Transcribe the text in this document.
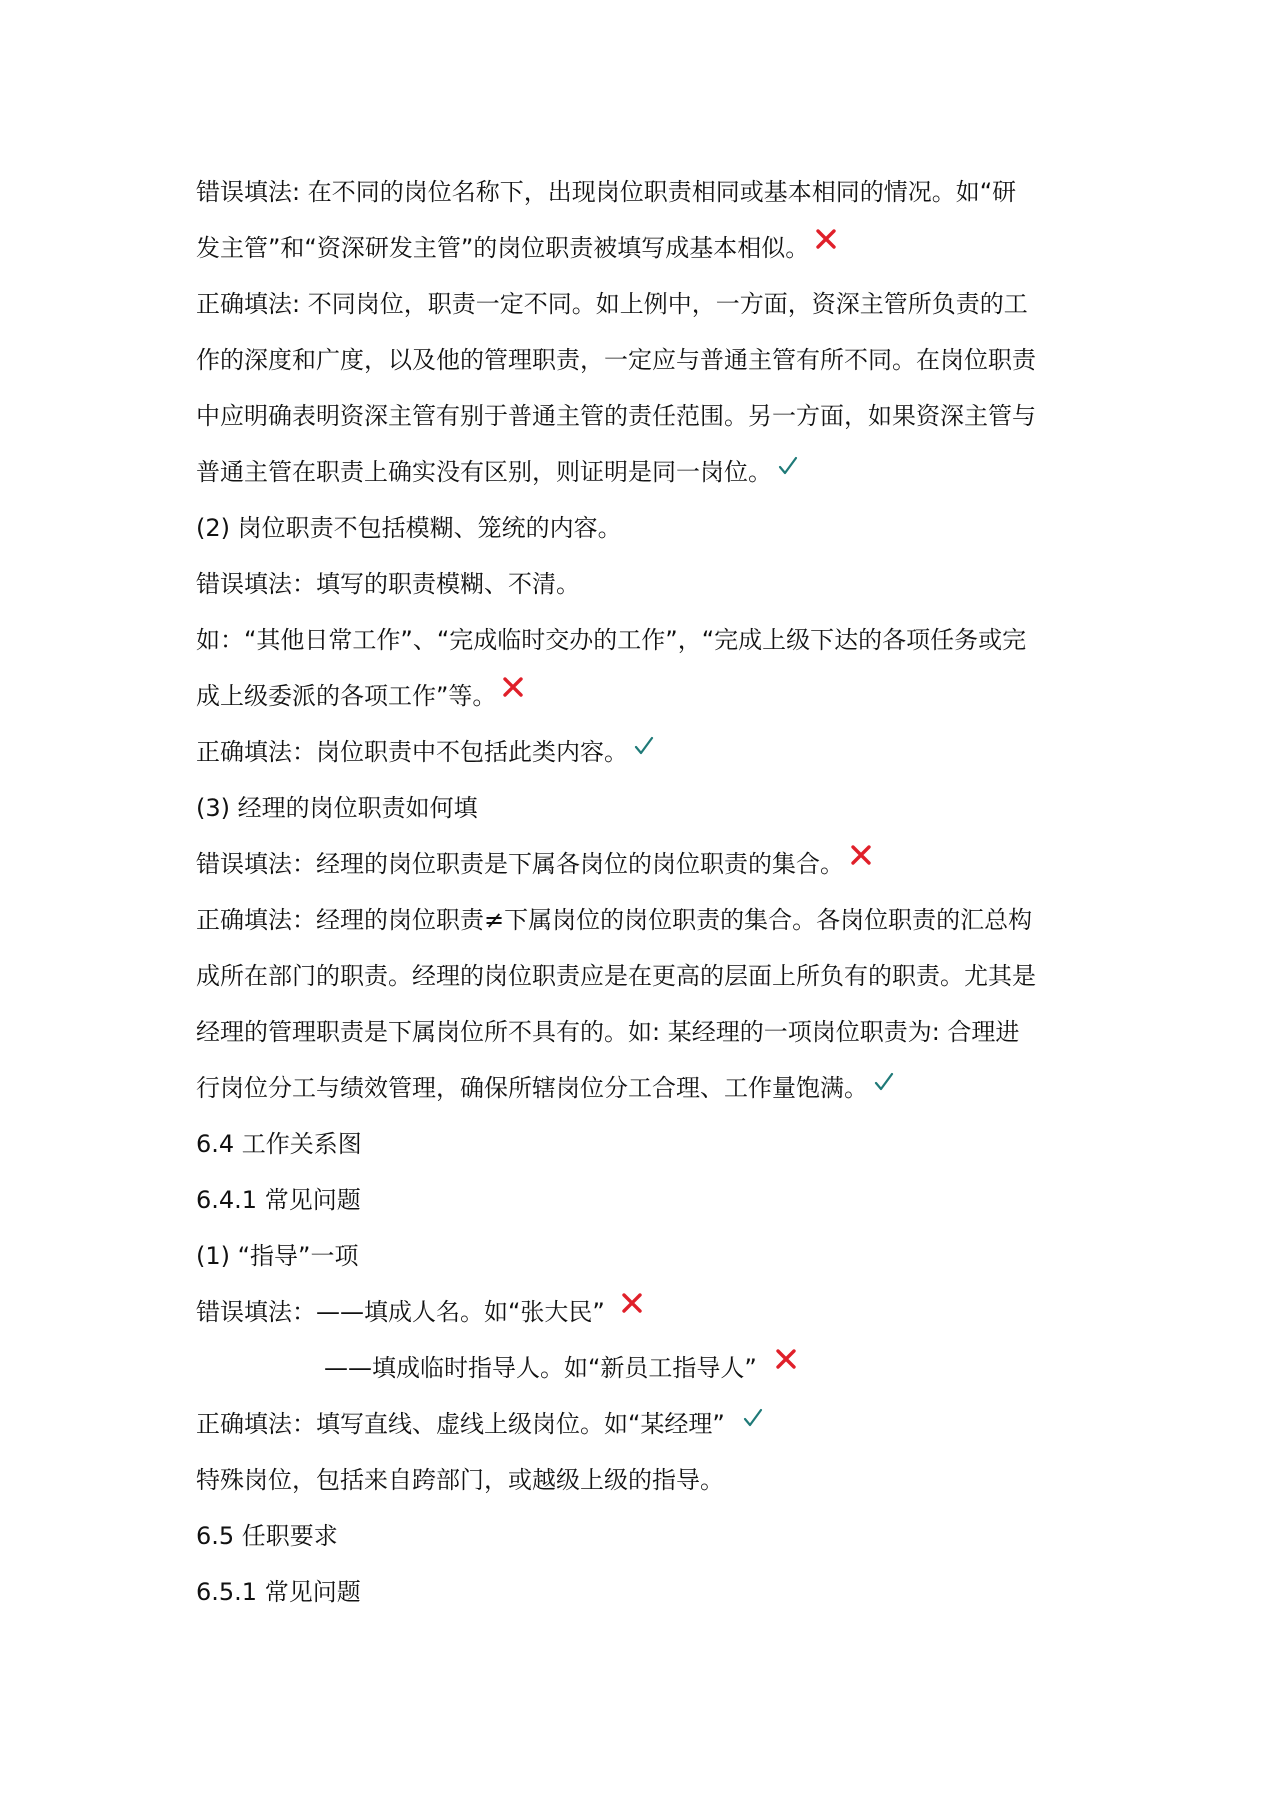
错误填法: 在不同的岗位名称下，出现岗位职责相同或基本相同的情况。如“研

发主管”和“资深研发主管”的岗位职责被填写成基本相似。

正确填法: 不同岗位，职责一定不同。如上例中，一方面，资深主管所负责的工

作的深度和广度，以及他的管理职责，一定应与普通主管有所不同。在岗位职责

中应明确表明资深主管有别于普通主管的责任范围。另一方面，如果资深主管与

普通主管在职责上确实没有区别，则证明是同一岗位。

(2) 岗位职责不包括模糊、笼统的内容。

错误填法：填写的职责模糊、不清。

如：“其他日常工作”、“完成临时交办的工作”，“完成上级下达的各项任务或完

成上级委派的各项工作”等。

正确填法：岗位职责中不包括此类内容。

(3) 经理的岗位职责如何填

错误填法：经理的岗位职责是下属各岗位的岗位职责的集合。

正确填法：经理的岗位职责≠下属岗位的岗位职责的集合。各岗位职责的汇总构

成所在部门的职责。经理的岗位职责应是在更高的层面上所负有的职责。尤其是

经理的管理职责是下属岗位所不具有的。如: 某经理的一项岗位职责为: 合理进

行岗位分工与绩效管理，确保所辖岗位分工合理、工作量饱满。

6.4 工作关系图

6.4.1 常见问题

(1) “指导”一项

错误填法：——填成人名。如“张大民”

——填成临时指导人。如“新员工指导人”

正确填法：填写直线、虚线上级岗位。如“某经理”

特殊岗位，包括来自跨部门，或越级上级的指导。

6.5 任职要求

6.5.1 常见问题
